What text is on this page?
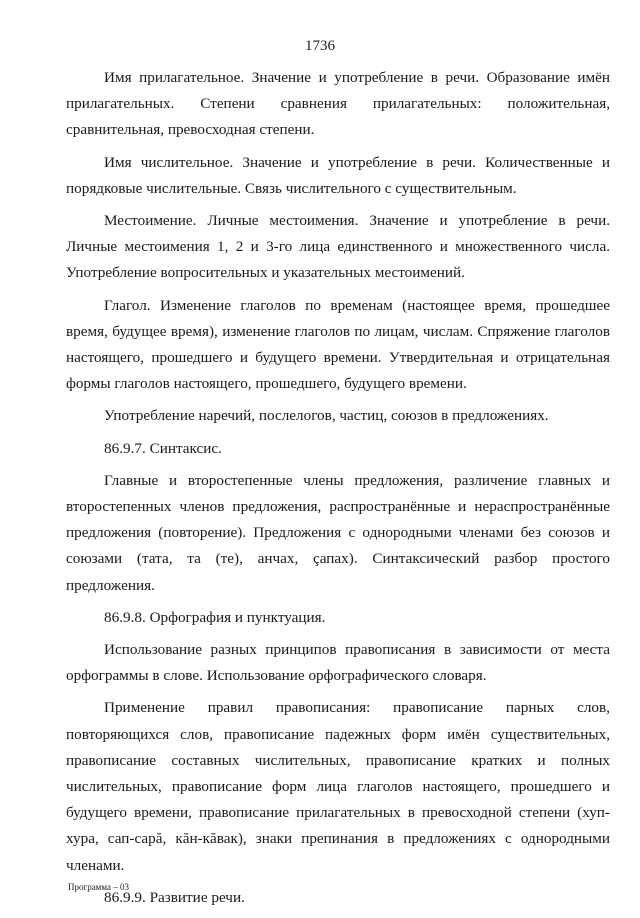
1736

Имя прилагательное. Значение и употребление в речи. Образование имён прилагательных. Степени сравнения прилагательных: положительная, сравнительная, превосходная степени.

Имя числительное. Значение и употребление в речи. Количественные и порядковые числительные. Связь числительного с существительным.

Местоимение. Личные местоимения. Значение и употребление в речи. Личные местоимения 1, 2 и 3-го лица единственного и множественного числа. Употребление вопросительных и указательных местоимений.

Глагол. Изменение глаголов по временам (настоящее время, прошедшее время, будущее время), изменение глаголов по лицам, числам. Спряжение глаголов настоящего, прошедшего и будущего времени. Утвердительная и отрицательная формы глаголов настоящего, прошедшего, будущего времени.

Употребление наречий, послелогов, частиц, союзов в предложениях.

86.9.7. Синтаксис.

Главные и второстепенные члены предложения, различение главных и второстепенных членов предложения, распространённые и нераспространённые предложения (повторение). Предложения с однородными членами без союзов и союзами (тата, та (те), анчах, çапах). Синтаксический разбор простого предложения.

86.9.8. Орфография и пунктуация.

Использование разных принципов правописания в зависимости от места орфограммы в слове. Использование орфографического словаря.

Применение правил правописания: правописание парных слов, повторяющихся слов, правописание падежных форм имён существительных, правописание составных числительных, правописание кратких и полных числительных, правописание форм лица глаголов настоящего, прошедшего и будущего времени, правописание прилагательных в превосходной степени (хуп-хура, сап-сарă, кăн-кăвак), знаки препинания в предложениях с однородными членами.

86.9.9. Развитие речи.

Программа – 03
